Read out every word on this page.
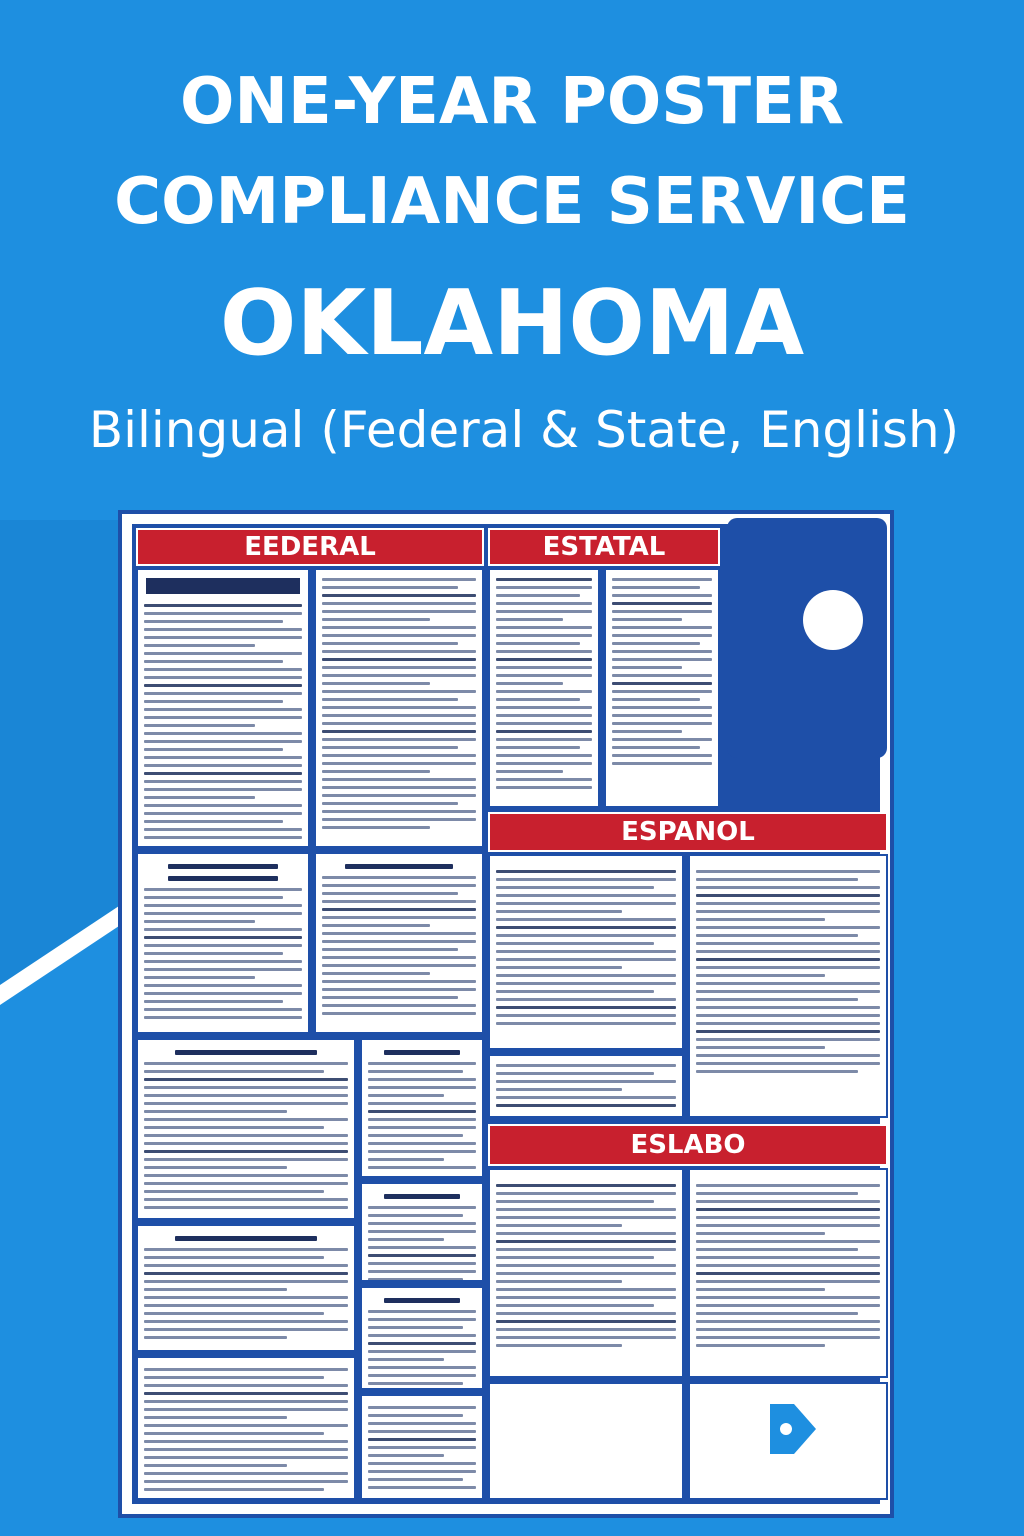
ONE-YEAR POSTER
COMPLIANCE SERVICE
OKLAHOMA
Bilingual (Federal & State, English)
EEDERAL	ESTATAL
ESPANOL
ESLABO
